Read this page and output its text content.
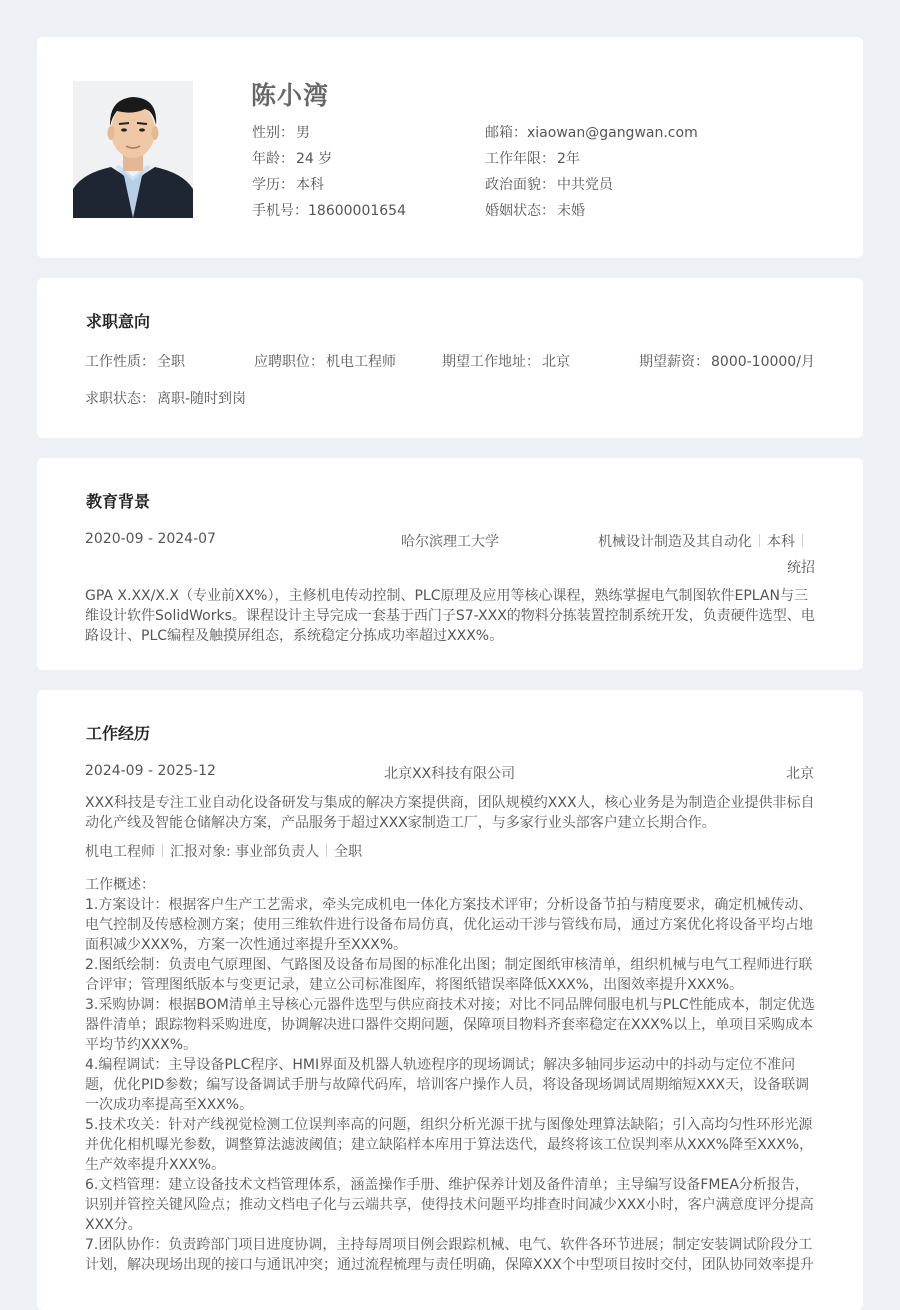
陈小湾
性别： 男
年龄： 24 岁
学历： 本科
手机号：18600001654
邮箱：xiaowan@gangwan.com
工作年限： 2年
政治面貌： 中共党员
婚姻状态： 未婚
求职意向
工作性质： 全职	应聘职位： 机电工程师	期望工作地址： 北京	期望薪资： 8000-10000/月
求职状态： 离职-随时到岗
教育背景
2020-09 - 2024-07	哈尔滨理工大学	机械设计制造及其自动化 本科
统招
GPA X.XX/X.X（专业前XX%），主修机电传动控制、PLC原理及应用等核心课程，熟练掌握电气制图软件EPLAN与三维设计软件SolidWorks。课程设计主导完成一套基于西门子S7-XXX的物料分拣装置控制系统开发，负责硬件选型、电路设计、PLC编程及触摸屏组态，系统稳定分拣成功率超过XXX%。
工作经历
2024-09 - 2025-12	北京XX科技有限公司	北京
XXX科技是专注工业自动化设备研发与集成的解决方案提供商，团队规模约XXX人，核心业务是为制造企业提供非标自动化产线及智能仓储解决方案，产品服务于超过XXX家制造工厂，与多家行业头部客户建立长期合作。
机电工程师 汇报对象: 事业部负责人 全职
工作概述：
1.方案设计：根据客户生产工艺需求，牵头完成机电一体化方案技术评审；分析设备节拍与精度要求，确定机械传动、电气控制及传感检测方案；使用三维软件进行设备布局仿真，优化运动干涉与管线布局，通过方案优化将设备平均占地面积减少XXX%，方案一次性通过率提升至XXX%。
2.图纸绘制：负责电气原理图、气路图及设备布局图的标准化出图；制定图纸审核清单，组织机械与电气工程师进行联合评审；管理图纸版本与变更记录，建立公司标准图库，将图纸错误率降低XXX%，出图效率提升XXX%。
3.采购协调：根据BOM清单主导核心元器件选型与供应商技术对接；对比不同品牌伺服电机与PLC性能成本，制定优选器件清单；跟踪物料采购进度，协调解决进口器件交期问题，保障项目物料齐套率稳定在XXX%以上，单项目采购成本平均节约XXX%。
4.编程调试：主导设备PLC程序、HMI界面及机器人轨迹程序的现场调试；解决多轴同步运动中的抖动与定位不准问题，优化PID参数；编写设备调试手册与故障代码库，培训客户操作人员，将设备现场调试周期缩短XXX天，设备联调一次成功率提高至XXX%。
5.技术攻关：针对产线视觉检测工位误判率高的问题，组织分析光源干扰与图像处理算法缺陷；引入高均匀性环形光源并优化相机曝光参数，调整算法滤波阈值；建立缺陷样本库用于算法迭代，最终将该工位误判率从XXX%降至XXX%，生产效率提升XXX%。
6.文档管理：建立设备技术文档管理体系，涵盖操作手册、维护保养计划及备件清单；主导编写设备FMEA分析报告，识别并管控关键风险点；推动文档电子化与云端共享，使得技术问题平均排查时间减少XXX小时，客户满意度评分提高XXX分。
7.团队协作：负责跨部门项目进度协调，主持每周项目例会跟踪机械、电气、软件各环节进展；制定安装调试阶段分工计划，解决现场出现的接口与通讯冲突；通过流程梳理与责任明确，保障XXX个中型项目按时交付，团队协同效率提升
